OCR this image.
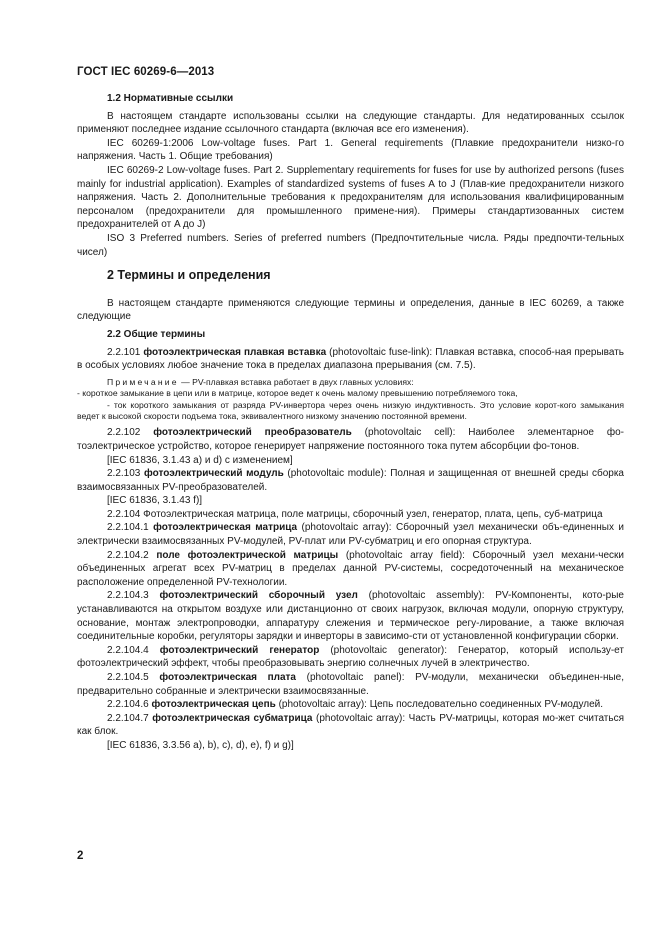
ГОСТ IEC 60269-6—2013
1.2 Нормативные ссылки

В настоящем стандарте использованы ссылки на следующие стандарты. Для недатированных ссылок применяют последнее издание ссылочного стандарта (включая все его изменения).

IEC 60269-1:2006 Low-voltage fuses. Part 1. General requirements (Плавкие предохранители низко-го напряжения. Часть 1. Общие требования)

IEC 60269-2 Low-voltage fuses. Part 2. Supplementary requirements for fuses for use by authorized persons (fuses mainly for industrial application). Examples of standardized systems of fuses A to J (Плав-кие предохранители низкого напряжения. Часть 2. Дополнительные требования к предохранителям для использования квалифицированным персоналом (предохранители для промышленного примене-ния). Примеры стандартизованных систем предохранителей от A до J)

ISO 3 Preferred numbers. Series of preferred numbers (Предпочтительные числа. Ряды предпочти-тельных чисел)

2 Термины и определения

В настоящем стандарте применяются следующие термины и определения, данные в IEC 60269, а также следующие

2.2 Общие термины

2.2.101 фотоэлектрическая плавкая вставка (photovoltaic fuse-link): Плавкая вставка, способ-ная прерывать в особых условиях любое значение тока в пределах диапазона прерывания (см. 7.5).

Примечание — PV-плавкая вставка работает в двух главных условиях:
- короткое замыкание в цепи или в матрице, которое ведет к очень малому превышению потребляемого тока,
- ток короткого замыкания от разряда PV-инвертора через очень низкую индуктивность. Это условие корот-кого замыкания ведет к высокой скорости подъема тока, эквивалентного низкому значению постоянной времени.

2.2.102 фотоэлектрический преобразователь (photovoltaic cell): Наиболее элементарное фо-тоэлектрическое устройство, которое генерирует напряжение постоянного тока путем абсорбции фо-тонов.

[IEC 61836, 3.1.43 a) и d) с изменением]

2.2.103 фотоэлектрический модуль (photovoltaic module): Полная и защищенная от внешней среды сборка взаимосвязанных PV-преобразователей.

[IEC 61836, 3.1.43 f)]

2.2.104 Фотоэлектрическая матрица, поле матрицы, сборочный узел, генератор, плата, цепь, суб-матрица

2.2.104.1 фотоэлектрическая матрица (photovoltaic array): Сборочный узел механически объ-единенных и электрически взаимосвязанных PV-модулей, PV-плат или PV-субматриц и его опорная структура.

2.2.104.2 поле фотоэлектрической матрицы (photovoltaic array field): Сборочный узел механи-чески объединенных агрегат всех PV-матриц в пределах данной PV-системы, сосредоточенный на механическое расположение определенной PV-технологии.

2.2.104.3 фотоэлектрический сборочный узел (photovoltaic assembly): PV-Компоненты, кото-рые устанавливаются на открытом воздухе или дистанционно от своих нагрузок, включая модули, опорную структуру, основание, монтаж электропроводки, аппаратуру слежения и термическое регу-лирование, а также включая соединительные коробки, регуляторы зарядки и инверторы в зависимо-сти от установленной конфигурации сборки.

2.2.104.4 фотоэлектрический генератор (photovoltaic generator): Генератор, который использу-ет фотоэлектрический эффект, чтобы преобразовывать энергию солнечных лучей в электричество.

2.2.104.5 фотоэлектрическая плата (photovoltaic panel): PV-модули, механически объединен-ные, предварительно собранные и электрически взаимосвязанные.

2.2.104.6 фотоэлектрическая цепь (photovoltaic array): Цепь последовательно соединенных PV-модулей.

2.2.104.7 фотоэлектрическая субматрица (photovoltaic array): Часть PV-матрицы, которая мо-жет считаться как блок.

[IEC 61836, 3.3.56 a), b), c), d), e), f) и g)]

2
